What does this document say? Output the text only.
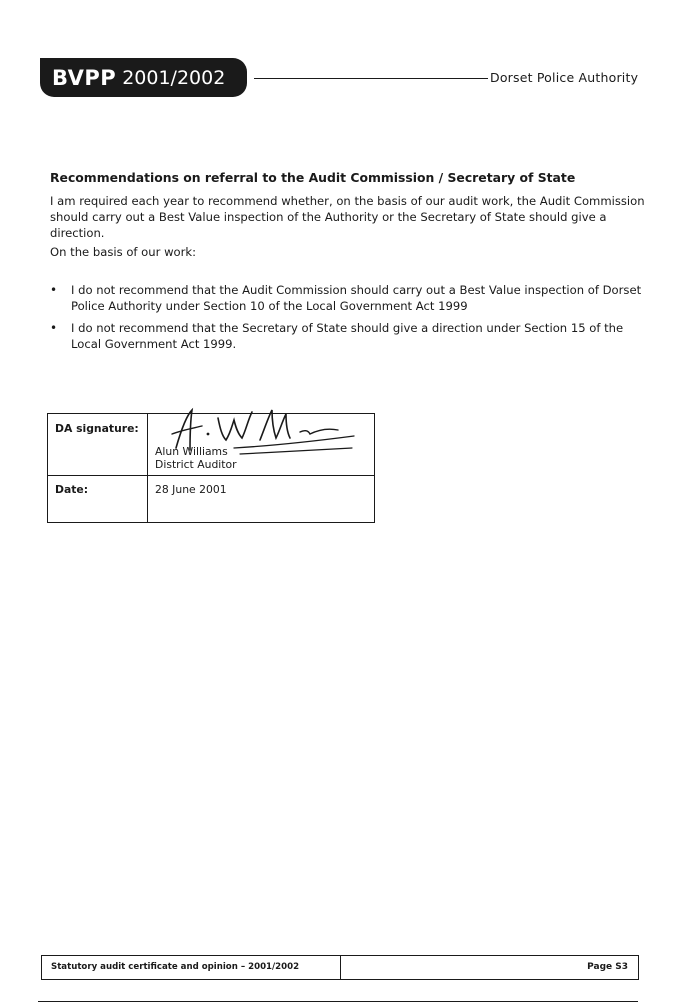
BVPP 2001/2002	Dorset Police Authority
Recommendations on referral to the Audit Commission / Secretary of State
I am required each year to recommend whether, on the basis of our audit work, the Audit Commission should carry out a Best Value inspection of the Authority or the Secretary of State should give a direction.
On the basis of our work:
• I do not recommend that the Audit Commission should carry out a Best Value inspection of Dorset Police Authority under Section 10 of the Local Government Act 1999
• I do not recommend that the Secretary of State should give a direction under Section 15 of the Local Government Act 1999.
DA signature:
Alun Williams
District Auditor
Date:	28 June 2001
Statutory audit certificate and opinion – 2001/2002	Page S3
